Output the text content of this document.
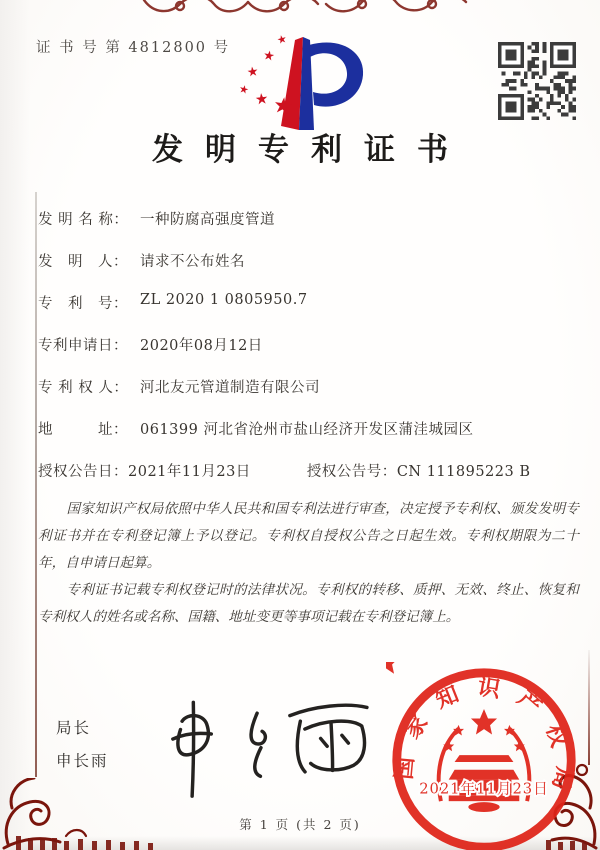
证 书 号 第 4812800 号
★
★
★
★ ★ ★
发明专利证书
发 明 名 称： 一种防腐高强度管道
发　明　人： 请求不公布姓名
专　利　号： ZL 2020 1 0805950.7
专利申请日： 2020年08月12日
专 利 权 人： 河北友元管道制造有限公司
地　　　址： 061399 河北省沧州市盐山经济开发区蒲洼城园区
授权公告日：2021年11月23日	授权公告号：CN 111895223 B

国家知识产权局依照中华人民共和国专利法进行审查，决定授予专利权、颁发发明专利证书并在专利登记簿上予以登记。专利权自授权公告之日起生效。专利权期限为二十年，自申请日起算。

专利证书记载专利权登记时的法律状况。专利权的转移、质押、无效、终止、恢复和专利权人的姓名或名称、国籍、地址变更等事项记载在专利登记簿上。

局长
申长雨	国家知识产权局
2021年11月23日
第 1 页 (共 2 页)
